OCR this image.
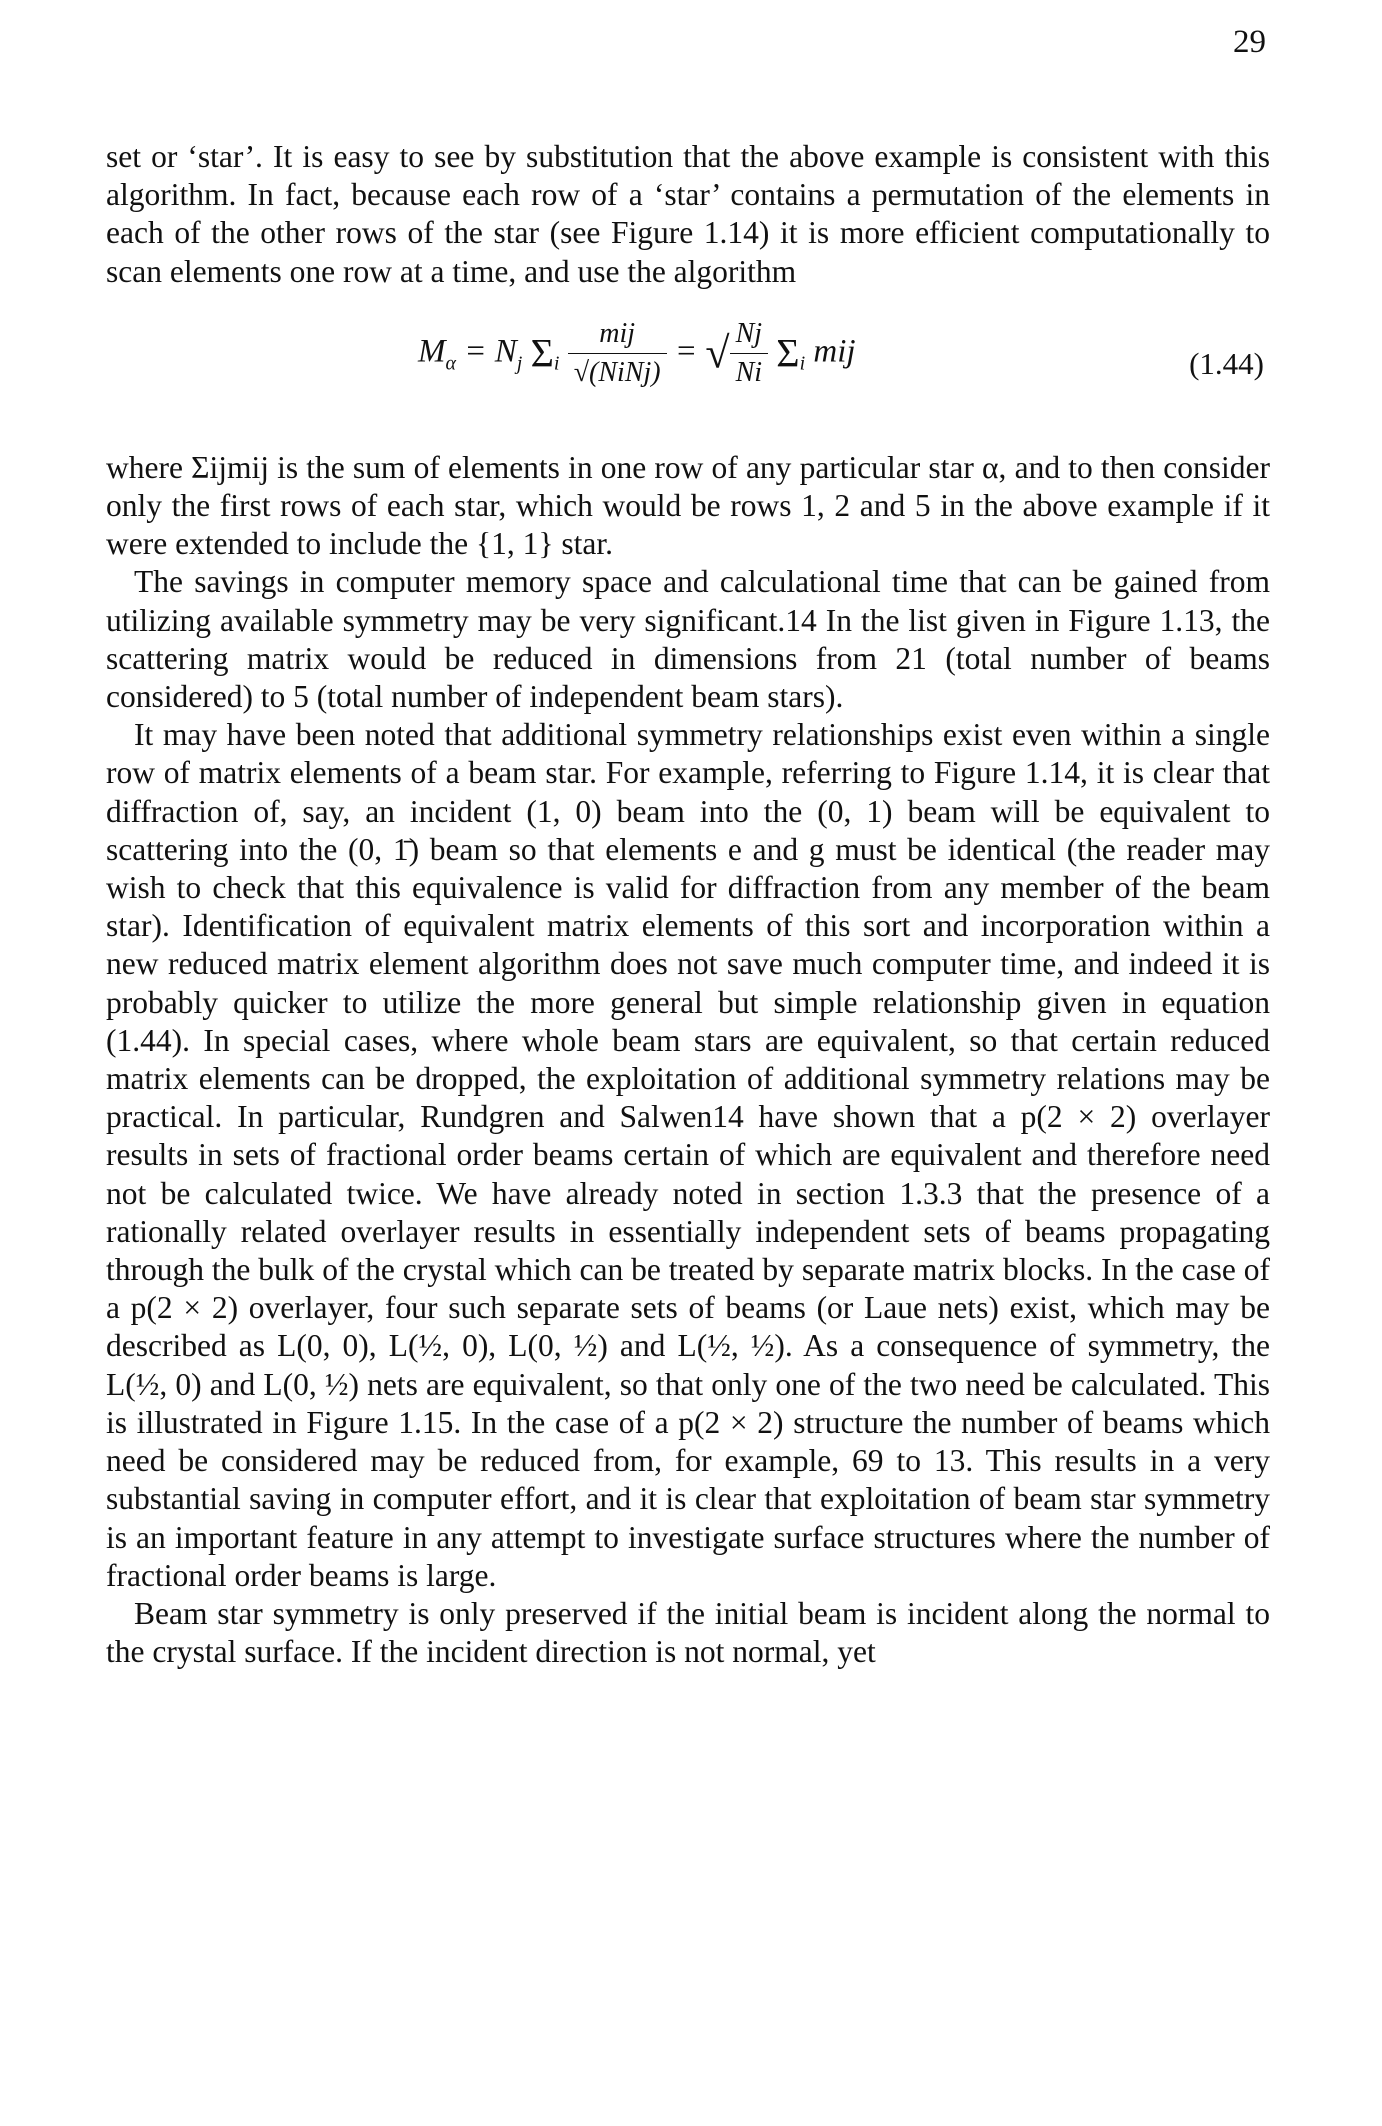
29

set or ‘star’. It is easy to see by substitution that the above example is consistent with this algorithm. In fact, because each row of a ‘star’ contains a permutation of the elements in each of the other rows of the star (see Figure 1.14) it is more efficient computationally to scan elements one row at a time, and use the algorithm

$M_\alpha = N_j$ $\Sigma_i \frac{\text{mij}}{\text{√(NiNj)}}$ = √ $\frac{Nj}{Ni} \Sigma_i$ mij	(1.44)

where Σijmij is the sum of elements in one row of any particular star α, and to then consider only the first rows of each star, which would be rows 1, 2 and 5 in the above example if it were extended to include the {1, 1} star.

The savings in computer memory space and calculational time that can be gained from utilizing available symmetry may be very significant.14 In the list given in Figure 1.13, the scattering matrix would be reduced in dimensions from 21 (total number of beams considered) to 5 (total number of independent beam stars).

It may have been noted that additional symmetry relationships exist even within a single row of matrix elements of a beam star. For example, referring to Figure 1.14, it is clear that diffraction of, say, an incident (1, 0) beam into the (0, 1) beam will be equivalent to scattering into the (0, 1̄) beam so that elements e and g must be identical (the reader may wish to check that this equivalence is valid for diffraction from any member of the beam star). Identification of equivalent matrix elements of this sort and incorporation within a new reduced matrix element algorithm does not save much computer time, and indeed it is probably quicker to utilize the more general but simple relationship given in equation (1.44). In special cases, where whole beam stars are equivalent, so that certain reduced matrix elements can be dropped, the exploitation of additional symmetry relations may be practical. In particular, Rundgren and Salwen14 have shown that a p(2 × 2) overlayer results in sets of fractional order beams certain of which are equivalent and therefore need not be calculated twice. We have already noted in section 1.3.3 that the presence of a rationally related overlayer results in essentially independent sets of beams propagating through the bulk of the crystal which can be treated by separate matrix blocks. In the case of a p(2 × 2) overlayer, four such separate sets of beams (or Laue nets) exist, which may be described as L(0, 0), L(½, 0), L(0, ½) and L(½, ½). As a consequence of symmetry, the L(½, 0) and L(0, ½) nets are equivalent, so that only one of the two need be calculated. This is illustrated in Figure 1.15. In the case of a p(2 × 2) structure the number of beams which need be considered may be reduced from, for example, 69 to 13. This results in a very substantial saving in computer effort, and it is clear that exploitation of beam star symmetry is an important feature in any attempt to investigate surface structures where the number of fractional order beams is large.

Beam star symmetry is only preserved if the initial beam is incident along the normal to the crystal surface. If the incident direction is not normal, yet
